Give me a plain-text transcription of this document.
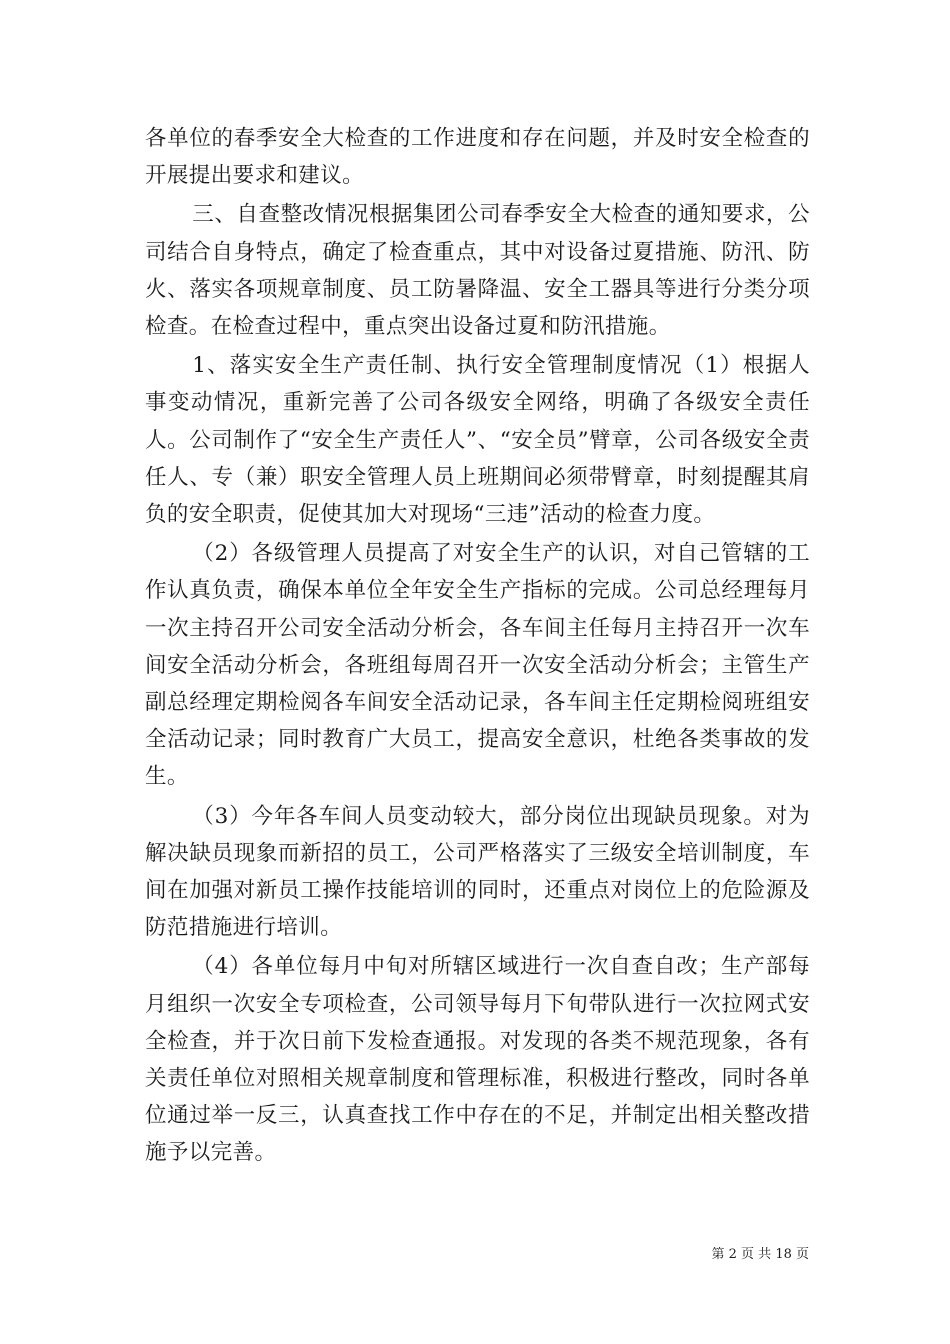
各单位的春季安全大检查的工作进度和存在问题，并及时安全检查的开展提出要求和建议。

三、自查整改情况根据集团公司春季安全大检查的通知要求，公司结合自身特点，确定了检查重点，其中对设备过夏措施、防汛、防火、落实各项规章制度、员工防暑降温、安全工器具等进行分类分项检查。在检查过程中，重点突出设备过夏和防汛措施。

1、落实安全生产责任制、执行安全管理制度情况（1）根据人事变动情况，重新完善了公司各级安全网络，明确了各级安全责任人。公司制作了“安全生产责任人”、“安全员”臂章，公司各级安全责任人、专（兼）职安全管理人员上班期间必须带臂章，时刻提醒其肩负的安全职责，促使其加大对现场“三违”活动的检查力度。

（2）各级管理人员提高了对安全生产的认识，对自己管辖的工作认真负责，确保本单位全年安全生产指标的完成。公司总经理每月一次主持召开公司安全活动分析会，各车间主任每月主持召开一次车间安全活动分析会，各班组每周召开一次安全活动分析会；主管生产副总经理定期检阅各车间安全活动记录，各车间主任定期检阅班组安全活动记录；同时教育广大员工，提高安全意识，杜绝各类事故的发生。

（3）今年各车间人员变动较大，部分岗位出现缺员现象。对为解决缺员现象而新招的员工，公司严格落实了三级安全培训制度，车间在加强对新员工操作技能培训的同时，还重点对岗位上的危险源及防范措施进行培训。

（4）各单位每月中旬对所辖区域进行一次自查自改；生产部每月组织一次安全专项检查，公司领导每月下旬带队进行一次拉网式安全检查，并于次日前下发检查通报。对发现的各类不规范现象，各有关责任单位对照相关规章制度和管理标准，积极进行整改，同时各单位通过举一反三，认真查找工作中存在的不足，并制定出相关整改措施予以完善。

第 2 页 共 18 页
